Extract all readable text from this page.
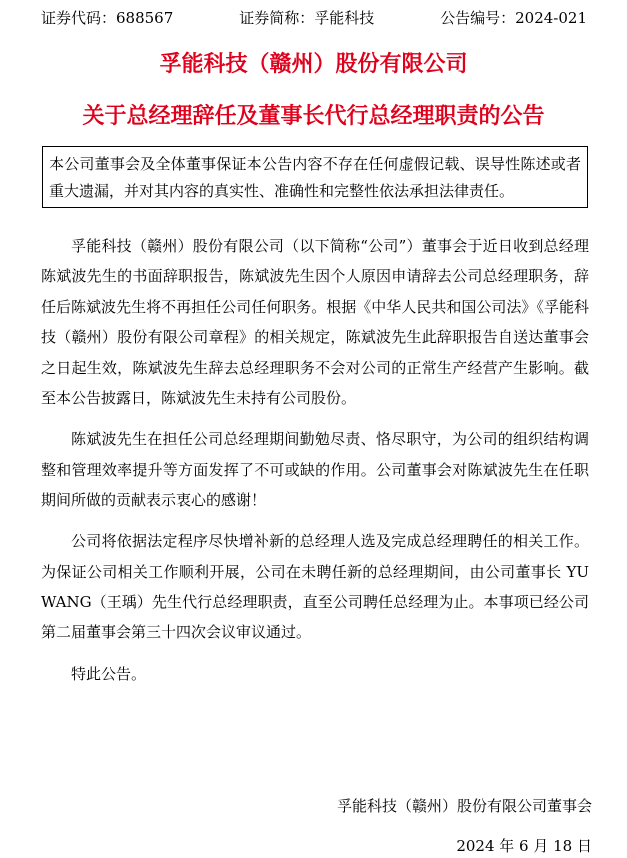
证券代码：688567	证券简称：孚能科技	公告编号：2024-021
孚能科技（赣州）股份有限公司
关于总经理辞任及董事长代行总经理职责的公告
本公司董事会及全体董事保证本公告内容不存在任何虚假记载、误导性陈述或者重大遗漏，并对其内容的真实性、准确性和完整性依法承担法律责任。

孚能科技（赣州）股份有限公司（以下简称“公司”）董事会于近日收到总经理陈斌波先生的书面辞职报告，陈斌波先生因个人原因申请辞去公司总经理职务，辞任后陈斌波先生将不再担任公司任何职务。根据《中华人民共和国公司法》《孚能科技（赣州）股份有限公司章程》的相关规定，陈斌波先生此辞职报告自送达董事会之日起生效，陈斌波先生辞去总经理职务不会对公司的正常生产经营产生影响。截至本公告披露日，陈斌波先生未持有公司股份。

陈斌波先生在担任公司总经理期间勤勉尽责、恪尽职守，为公司的组织结构调整和管理效率提升等方面发挥了不可或缺的作用。公司董事会对陈斌波先生在任职期间所做的贡献表示衷心的感谢！

公司将依据法定程序尽快增补新的总经理人选及完成总经理聘任的相关工作。为保证公司相关工作顺利开展，公司在未聘任新的总经理期间，由公司董事长 YU WANG（王瑀）先生代行总经理职责，直至公司聘任总经理为止。本事项已经公司第二届董事会第三十四次会议审议通过。

特此公告。

孚能科技（赣州）股份有限公司董事会
2024 年 6 月 18 日
